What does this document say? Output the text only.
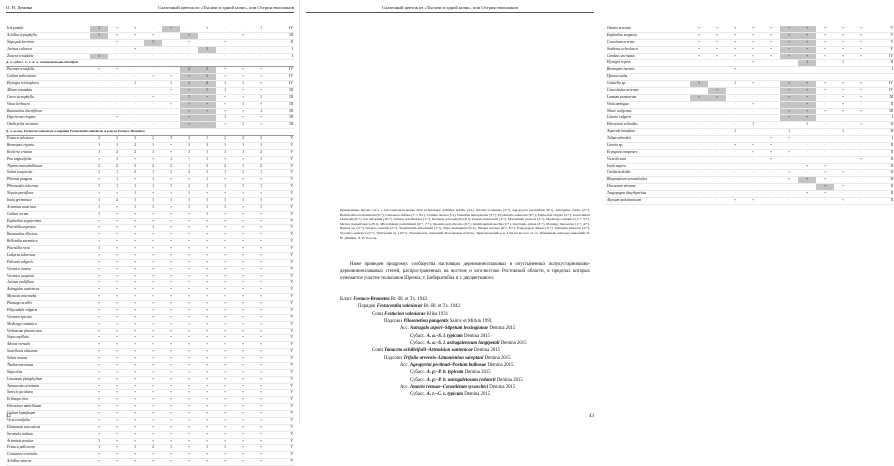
О. Н. Демина	Сказочный цветок из «Тысячи и одной ночи», или Острия тюльпанов
Iris pumila	1	+	+	·	+	·	+	·	·	1	IV
Achillea leptophylla	1	+	+	+	·	+	·	·	+	·	III
Stipa pulcherrima	·	+	·	1	·	+	·	+	·	·	II
Jurinea calcarea	·	·	+	·	·	·	1	·	·	·	I
Zostera tenuifolia	1	·	·	·	·	·	·	·	·	·	I
Д. в. субасс. C. r.-A. a. ranunculetosum lateriflori											
Paeonia tenuifolia	+	+	·	·	·	2	1	+	+	+	IV
Galium ruthenicum	·	·	·	+	+	+	1	+	+	+	IV
Elytrigia trichophora	·	·	1	·	1	1	2	1	1	+	IV
Allium rotundum	·	·	·	·	+	+	1	1	+	+	III
Carex stenophylla	·	·	·	+	·	1	+	+	+	1	III
Vinca herbacea	·	·	·	·	+	+	+	+	1	+	III
Ranunculus lateriflorus	·	·	·	·	·	+	+	+	+	1	III
Hypericum elegans	·	+	·	·	·	+	·	1	+	+	III
Onobrychis arenaria	·	·	·	·	·	+	·	+	1	+	III
Д. в. ассоц. Festuceto valesiacae в порядка Festucetalia valesiacae и класса Festuco-Brometea											
Festuca valesiaca	2	3	3	2	3	3	1	2	2	3	V
Bromopsis riparia	1	1	2	1	+	2	3	1	1	1	V
Koeleria cristata	1	2	2	1	+	1	1	1	1	2	V
Poa angustifolia	+	1	+	+	1	+	1	+	+	1	V
Thymus marschallianus	2	2	3	2	2	1	3	2	1	2	V
Salvia tesquicola	1	1	2	1	1	2	1	1	1	1	V
Phlomis pungens	+	1	+	1	+	+	1	+	+	+	V
Phlomoides tuberosa	1	1	1	1	1	2	1	1	1	1	V
Nepeta parviflora	+	+	1	+	+	1	+	+	+	+	V
Inula germanica	1	2	1	1	1	1	1	1	1	1	V
Artemisia austriaca	1	+	1	1	+	1	1	1	+	1	V
Galium verum	1	+	+	+	+	+	1	+	+	+	V
Euphorbia seguieriana	+	+	+	+	+	+	+	+	+	+	V
Potentilla argentea	+	+	+	1	+	+	+	+	+	+	V
Ranunculus illyricus	+	+	+	+	+	+	+	+	+	+	V
Bellevalia sarmatica	+	+	+	+	+	+	+	+	+	+	V
Potentilla recta	1	+	+	+	+	+	+	+	+	+	V
Lathyrus tuberosus	+	+	+	+	+	+	+	+	+	+	V
Falcaria vulgaris	+	+	+	+	+	+	+	+	+	+	V
Veronica incana	+	+	+	+	+	+	+	+	+	+	V
Veronica jacquinii	+	+	+	+	+	+	+	+	+	+	V
Jurinea multiflora	+	+	+	+	+	+	+	+	+	+	V
Astragalus austriacus	+	+	+	+	+	+	+	+	+	+	V
Myosotis micrantha	+	+	+	+	+	+	+	+	+	+	V
Plantago urvillei	+	+	+	+	+	+	+	+	+	+	V
Filipendula vulgaris	+	+	+	+	+	+	+	+	+	+	V
Veronica spicata	+	+	+	+	+	+	+	+	+	+	V
Medicago romanica	+	+	+	+	+	+	+	+	+	+	V
Verbascum phoeniceum	+	+	+	+	+	+	+	+	+	+	V
Stipa capillata	+	+	+	+	+	+	+	+	+	+	V
Adonis vernalis	+	+	+	+	+	+	+	+	+	+	V
Scutellaria altissima	+	+	+	+	+	+	+	+	+	+	V
Salvia nutans	+	+	+	+	+	+	+	+	+	+	V
Thalictrum minus	+	+	+	+	+	+	+	+	+	+	V
Stipa tirsa	+	+	+	+	+	+	+	+	+	+	V
Limonium platyphyllum	+	+	+	+	+	+	+	+	+	+	V
Taraxacum serotinum	+	+	+	+	+	+	+	+	+	+	V
Senecio jacobaea	+	+	+	+	+	+	+	+	+	+	V
Echinops ritro	+	+	+	+	+	+	+	+	+	+	V
Hieracium umbellatum	+	+	+	+	+	+	+	+	+	+	V
Galium humifusum	+	+	+	+	+	+	+	+	+	+	V
Vicia tenuifolia	+	+	+	+	+	+	+	+	+	+	V
Dictamnus caucasicus	+	+	+	+	+	+	+	+	+	+	V
Serratula radiata	+	+	+	+	+	+	+	+	+	+	V
Artemisia pontica	1	+	+	+	+	+	+	+	+	+	V
Festuca pallescens	1	+	1	2	1	+	1	1	+	+	V
Centaurea orientalis	+	+	+	+	+	+	+	+	+	+	V
Achillea setacea	+	+	+	+	+	+	+	+	+	+	V
42
Сказочный цветок из «Тысячи и одной ночи», или Острия тюльпанов
Ononis arvensis	+	+	+	+	+	+	+	+	+	+	V
Euphorbia stepposa	+	+	+	+	+	+	+	+	+	+	V
Cerastium arvense	+	+	+	+	+	+	+	+	+	+	V
Scabiosa ochroleuca	+	+	+	+	+	+	+	+	+	+	V
Carduus uncinatus	+	+	+	+	+	+	+	+	+	+	IV
Elytrigia repens	·	·	·	+	·	·	1	·	1	·	II
Bromopsis inermis	·	·	+	·	·	·	·	·	·	·	I
Прочие виды											
Galatella sp.	1	·	1	+	·	+	+	+	+	+	IV
Convolvulus arvensis	·	+	·	·	·	+	+	+	+	+	IV
Lamium purpureum	+	+	·	·	·	+	+	·	+	+	III
Viola ambigua	·	·	·	+	·	·	+	·	+	·	II
Silene wolgensis	·	·	·	·	·	+	+	+	+	+	III
Linaria vulgaris	·	·	·	·	·	+	+	·	·	·	I
Hieracium echioides	·	·	·	1	·	·	1	·	·	+	II
Asperula humifusa	·	·	1	·	·	1	·	·	1	·	II
Tulipa schrenkii	·	·	·	·	+	+	·	·	·	·	I
Linaria sp.	·	·	+	+	+	·	·	·	·	·	II
Eryngium campestre	·	·	·	+	+	+	·	·	·	·	II
Vicia hirsuta	·	·	·	·	+	·	·	·	·	+	II
Inula aspera	·	·	·	·	·	·	+	+	·	·	II
Cardaria draba	·	·	·	·	·	+	·	+	+	·	II
Rhaponticum serratuloides	·	·	·	·	·	+	+	+	·	·	II
Hieracium virosum	·	·	·	·	·	·	·	+	+	·	II
Tragopogon dasyrhynchus	·	·	·	·	·	·	+	+	·	·	II
Alyssum turkestanicum	·	·	+	+	·	·	·	·	+	·	II
43

Примечания. Кроме того, с постоянством менее 20% встречены: Achillea nobilis (4:1), Adonis wolgensis (4:+), Agropyron pectinatum (8:1), Astragalus varius (2:+), Bothriochloa ischaemum (6:+), Centaurea diffusa (7:+, 9:1), Crambe tataria (5:1), Dianthus leptopetalus (3:+), Erysimum canescens (8:+), Euphorbia virgata (2:+), Goniolimon tataricum (6:+), Iris halophila (10:+), Jurinea arachnoidea (1:+), Koeleria sclerophylla (6:1), Linum austriacum (3:+), Marrubium praecox (2:+), Medicago romanica (1:+, 5:+), Melica transsilvanica (8:1), Microthlaspi perfoliatum (6:+, 7:+), Onosma polychroma (9:+), Ornithogalum kochii (2:+), Oxytropis pilosa (3:+), Plantago lanceolata (1:+, 4:+), Rumex sp. (3:+), Senecio vernalis (2:+), Sisymbrium altissimum (1:+), Stipa lessingiana (9:1), Thlaspi arvense (6:+, 8:+), Tragopogon dubius (5:+), Valeriana tuberosa (3:+), Veronica austriaca (5:+), Verbascum sp. (10:+). Локалитеты описаний: Ростовская область, Зерноградский р-н, 2 км на восток от сл. Обильный. Авторы описаний: О. Н. Демина, Л. П. Рогаль.

Ниже приведен продромус сообщества настоящих дерновиннозлаковых и опустыненных полукустарничково-дерновиннозлаковых степей, распространенных на восточе и юго-востоке Ростовской области, в пределах которых отмечается участие тюльпанов Шренка, т. Биберштейна и т. двуцветкового:

Класс Festuco-Brometea Br.-Bl. et Tx. 1943
Порядок Festucetalia valesiacae Br.-Bl. et Tx. 1943
Союз Festucion valesiacae Klika 1931
Подсоюз Pilosenetion pungentis Saitov et Mirkin 1991
Асс. Astragalo asperi–Stipetum lessingianae Demina 2015
Субасс. A. a.–S. l. typicum Demina 2015
Субасс. A. a.–S. l. astragaletosum longipetali Demina 2015
Союз Tanaceto achilleifolii–Artemision santonicae Demina 2015
Подсоюз Trifolio arvensis–Limonienion sareptani Demina 2015
Асс. Agropyrini pectinati–Poetum bulbosae Demina 2015
Субасс. A. p.–P. b. typicum Demina 2015
Субасс. A. p.–P. b. astragaletosum reduncti Demina 2015
Асс. Amorio retusae–Cerastietum syvaschici Demina 2015
Субасс. A. r.–C. s. typicum Demina 2015
